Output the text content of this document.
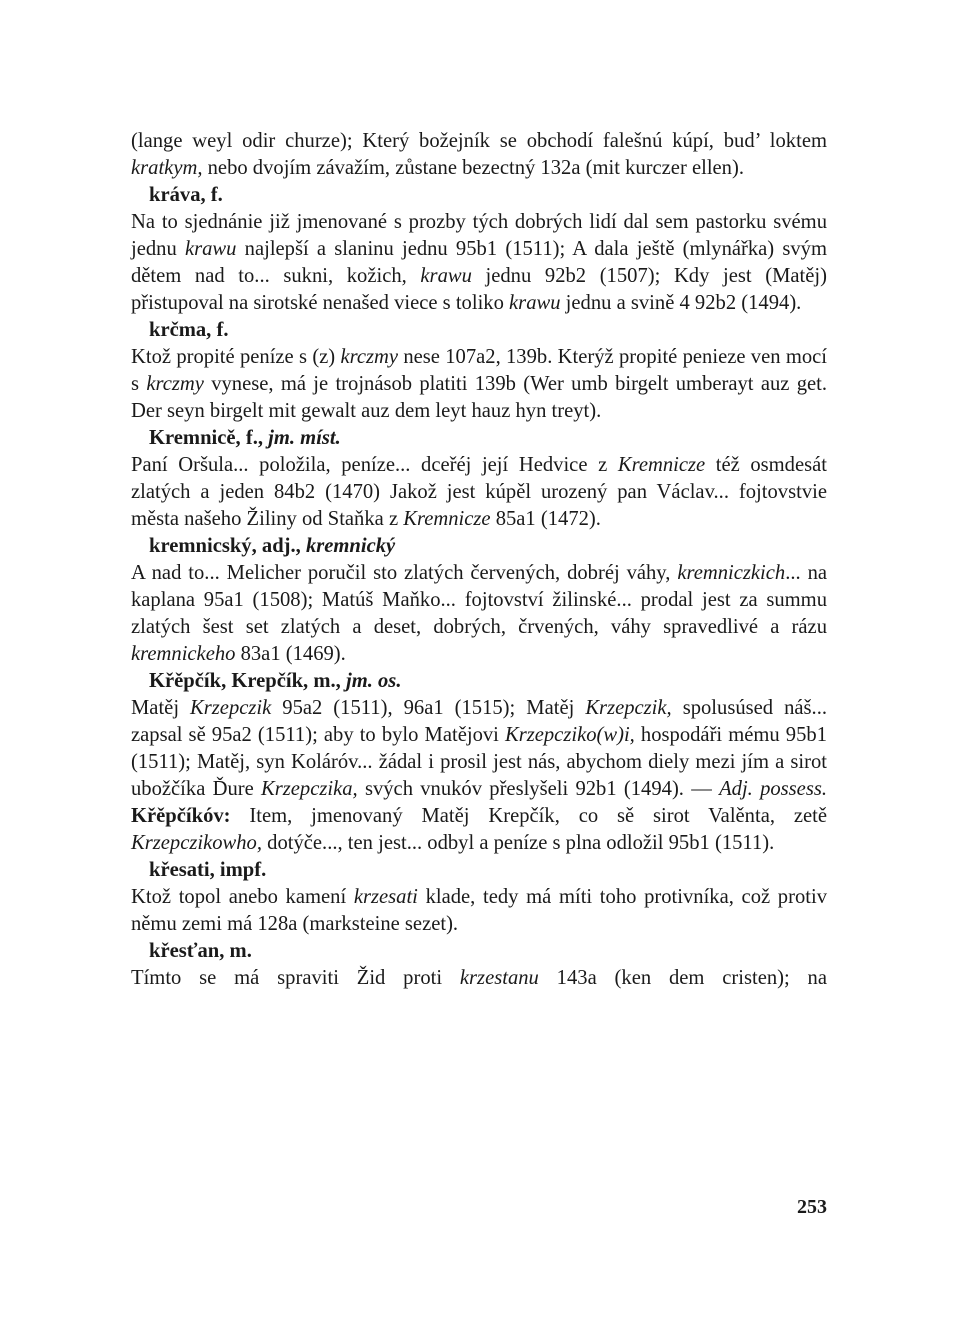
(lange weyl odir churze); Který božejník se obchodí falešnú kúpí, bud’ loktem kratkym, nebo dvojím závažím, zůstane bezectný 132a (mit kurczer ellen).

kráva, f.

Na to sjednánie již jmenované s prozby tých dobrých lidí dal sem pastorku svému jednu krawu najlepší a slaninu jednu 95b1 (1511); A dala ještě (mlynářka) svým dětem nad to... sukni, kožich, krawu jednu 92b2 (1507); Kdy jest (Matěj) přistupoval na sirotské nenašed viece s toliko krawu jednu a svině 4 92b2 (1494).

krčma, f.

Ktož propité peníze s (z) krczmy nese 107a2, 139b. Kterýž propité penieze ven mocí s krczmy vynese, má je trojnásob platiti 139b (Wer umb birgelt umberayt auz get. Der seyn birgelt mit gewalt auz dem leyt hauz hyn treyt).

Kremnicě, f., jm. míst.

Paní Oršula... položila, peníze... dceřéj její Hedvice z Kremnicze též osmdesát zlatých a jeden 84b2 (1470) Jakož jest kúpěl urozený pan Václav... fojtovstvie města našeho Žiliny od Staňka z Kremnicze 85a1 (1472).

kremnicský, adj., kremnický

A nad to... Melicher poručil sto zlatých červených, dobréj váhy, kremniczkich... na kaplana 95a1 (1508); Matúš Maňko... fojtovství žilinské... prodal jest za summu zlatých šest set zlatých a deset, dobrých, črvených, váhy spravedlivé a rázu kremnickeho 83a1 (1469).

Křěpčík, Krepčík, m., jm. os.

Matěj Krzepczik 95a2 (1511), 96a1 (1515); Matěj Krzepczik, spolusúsed náš... zapsal sě 95a2 (1511); aby to bylo Matějovi Krzepcziko(w)i, hospodáři mému 95b1 (1511); Matěj, syn Koláróv... žádal i prosil jest nás, abychom diely mezi jím a sirot ubožčíka Ďure Krzepczika, svých vnukóv přeslyšeli 92b1 (1494). — Adj. possess. Křěpčíkóv: Item, jmenovaný Matěj Krepčík, co sě sirot Valěnta, zetě Krzepczikowho, dotýče..., ten jest... odbyl a peníze s plna odložil 95b1 (1511).

křesati, impf.

Ktož topol anebo kamení krzesati klade, tedy má míti toho protivníka, což protiv němu zemi má 128a (marksteine sezet).

křesťan, m.

Tímto se má spraviti Žid proti krzestanu 143a (ken dem cristen); na

253
